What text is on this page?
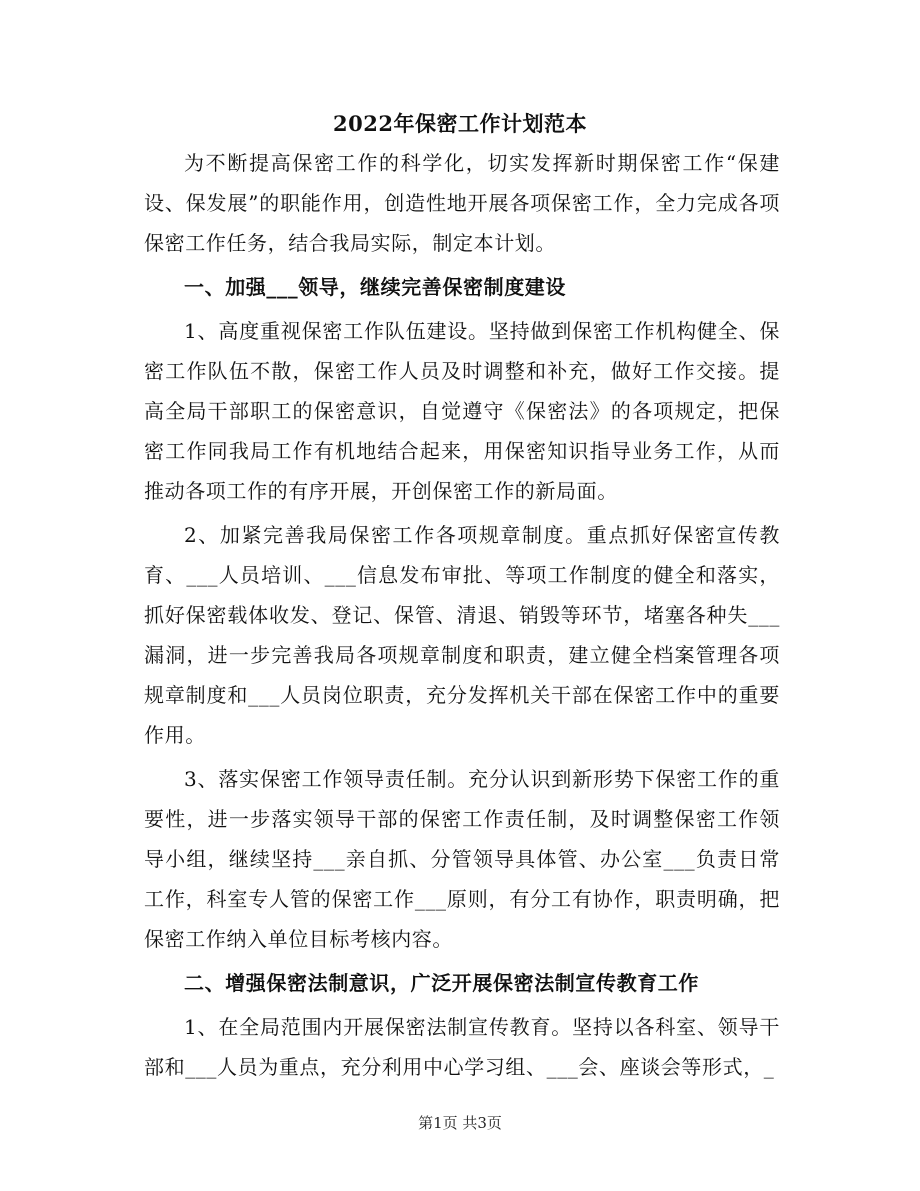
2022年保密工作计划范本

为不断提高保密工作的科学化，切实发挥新时期保密工作“保建设、保发展”的职能作用，创造性地开展各项保密工作，全力完成各项保密工作任务，结合我局实际，制定本计划。

一、加强___领导，继续完善保密制度建设

1、高度重视保密工作队伍建设。坚持做到保密工作机构健全、保密工作队伍不散，保密工作人员及时调整和补充，做好工作交接。提高全局干部职工的保密意识，自觉遵守《保密法》的各项规定，把保密工作同我局工作有机地结合起来，用保密知识指导业务工作，从而推动各项工作的有序开展，开创保密工作的新局面。

2、加紧完善我局保密工作各项规章制度。重点抓好保密宣传教育、___人员培训、___信息发布审批、等项工作制度的健全和落实，抓好保密载体收发、登记、保管、清退、销毁等环节，堵塞各种失___漏洞，进一步完善我局各项规章制度和职责，建立健全档案管理各项规章制度和___人员岗位职责，充分发挥机关干部在保密工作中的重要作用。

3、落实保密工作领导责任制。充分认识到新形势下保密工作的重要性，进一步落实领导干部的保密工作责任制，及时调整保密工作领导小组，继续坚持___亲自抓、分管领导具体管、办公室___负责日常工作，科室专人管的保密工作___原则，有分工有协作，职责明确，把保密工作纳入单位目标考核内容。

二、增强保密法制意识，广泛开展保密法制宣传教育工作

1、在全局范围内开展保密法制宣传教育。坚持以各科室、领导干部和___人员为重点，充分利用中心学习组、___会、座谈会等形式，_

第1页 共3页
